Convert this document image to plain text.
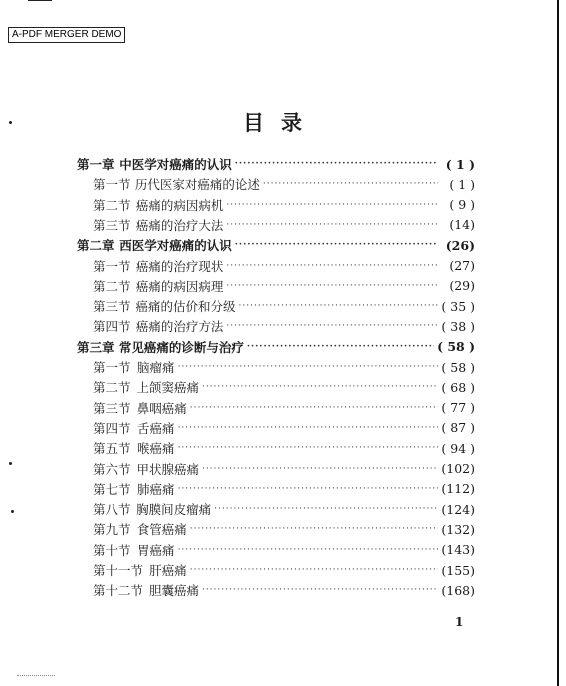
A-PDF MERGER DEMO
目录
第一章 中医学对癌痛的认识 ·····	( 1 )
第一节 历代医家对癌痛的论述 ·····	( 1 )
第二节 癌痛的病因病机 ·····	( 9 )
第三节 癌痛的治疗大法 ·····	(14)
第二章 西医学对癌痛的认识 ·····	(26)
第一节 癌痛的治疗现状 ·····	(27)
第二节 癌痛的病因病理 ·····	(29)
第三节 癌痛的估价和分级 ·····	( 35 )
第四节 癌痛的治疗方法 ·····	( 38 )
第三章 常见癌痛的诊断与治疗 ·····	( 58 )
第一节 脑瘤痛 ·····	( 58 )
第二节 上颌窦癌痛 ·····	( 68 )
第三节 鼻咽癌痛 ·····	( 77 )
第四节 舌癌痛 ·····	( 87 )
第五节 喉癌痛 ·····	( 94 )
第六节 甲状腺癌痛 ·····	(102)
第七节 肺癌痛 ·····	(112)
第八节 胸膜间皮瘤痛 ·····	(124)
第九节 食管癌痛 ·····	(132)
第十节 胃癌痛 ·····	(143)
第十一节 肝癌痛 ·····	(155)
第十二节 胆囊癌痛 ·····	(168)
1
